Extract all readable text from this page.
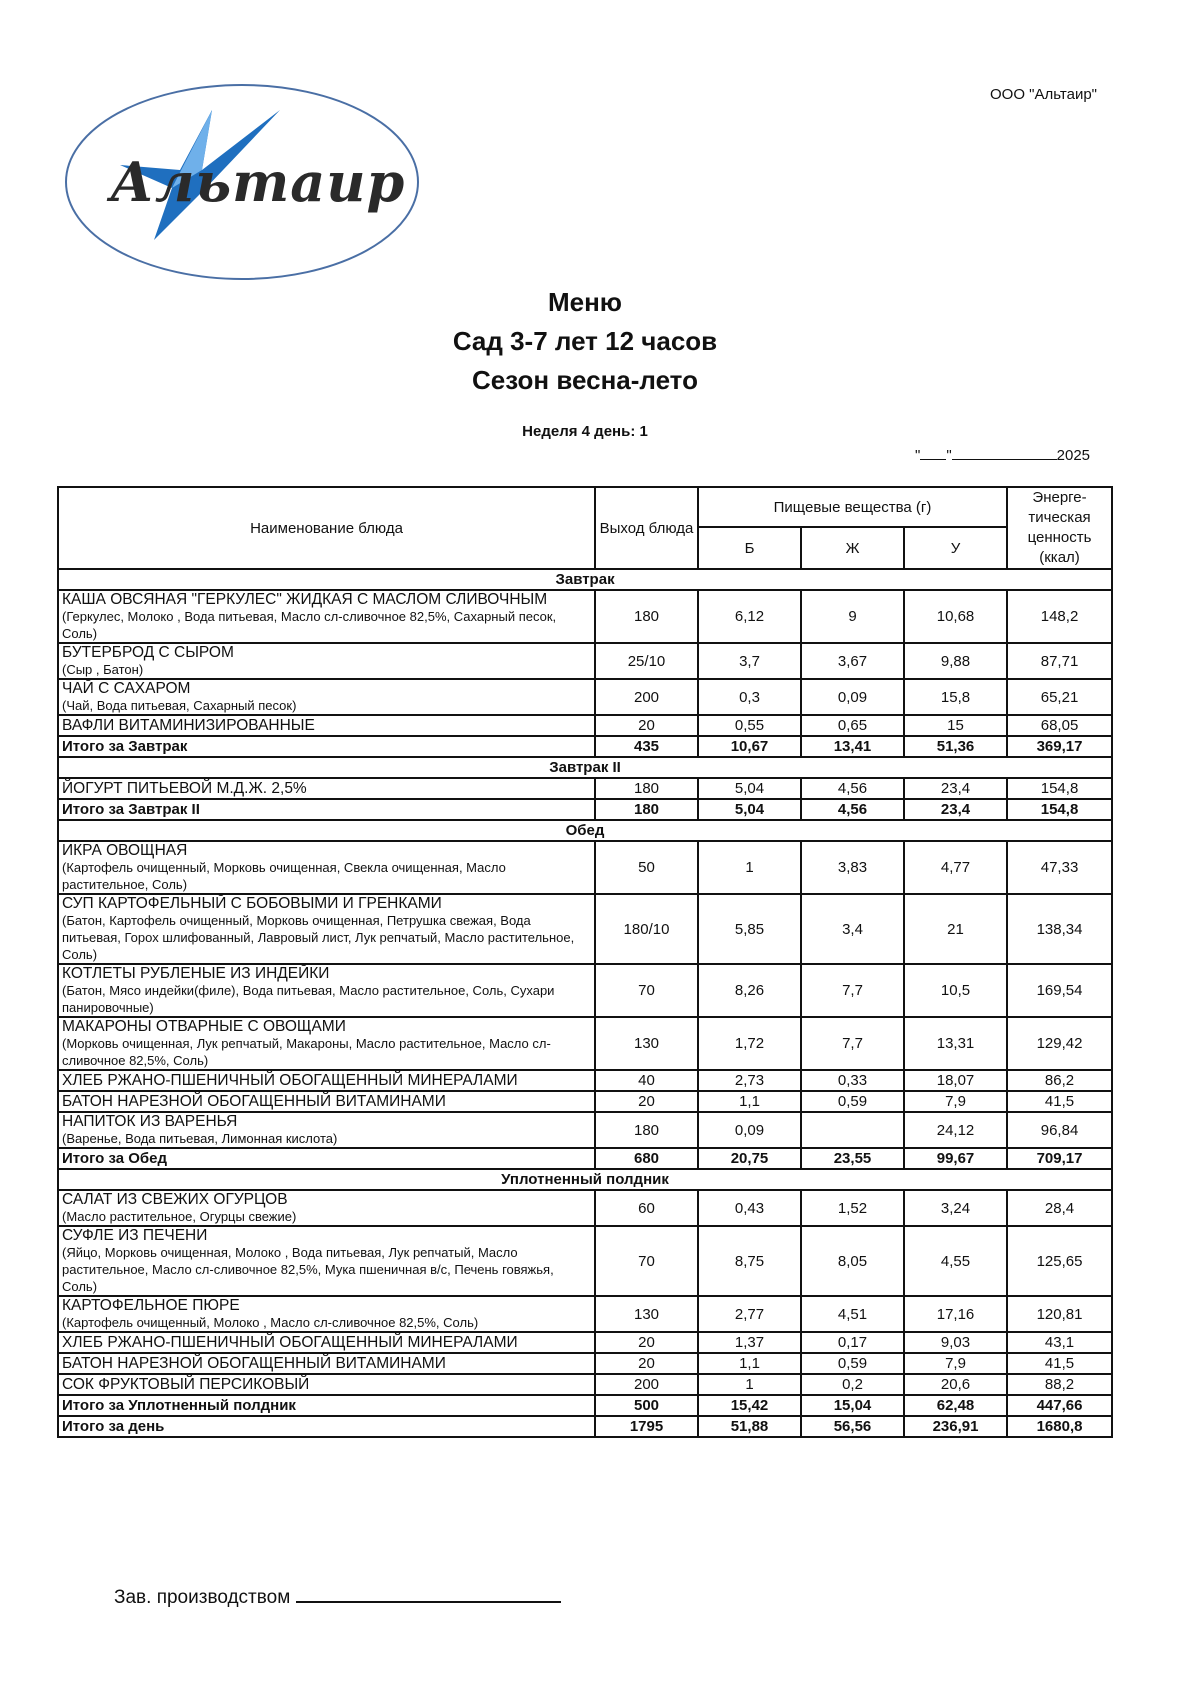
ООО "Альтаир"
Альтаир
Меню
Сад 3-7 лет 12 часов
Сезон весна-лето
Неделя 4 день: 1
" "	2025
Наименование блюда	Выход блюда	Пищевые вещества (г)			Энерге-тическая ценность (ккал)
		Б	Ж	У	
Завтрак					

КАША ОВСЯНАЯ "ГЕРКУЛЕС" ЖИДКАЯ С МАСЛОМ СЛИВОЧНЫМ
(Геркулес, Молоко , Вода питьевая, Масло сл-сливочное 82,5%, Сахарный песок, Соль)	180	6,12	9	10,68	148,2

БУТЕРБРОД С СЫРОМ
(Сыр , Батон)	25/10	3,7	3,67	9,88	87,71

ЧАЙ С САХАРОМ
(Чай, Вода питьевая, Сахарный песок)	200	0,3	0,09	15,8	65,21

ВАФЛИ ВИТАМИНИЗИРОВАННЫЕ	20	0,55	0,65	15	68,05
Итого за Завтрак	435	10,67	13,41	51,36	369,17
Завтрак II					

ЙОГУРТ ПИТЬЕВОЙ М.Д.Ж. 2,5%	180	5,04	4,56	23,4	154,8
Итого за Завтрак II	180	5,04	4,56	23,4	154,8
Обед					

ИКРА ОВОЩНАЯ
(Картофель очищенный, Морковь очищенная, Свекла очищенная, Масло растительное, Соль)	50	1	3,83	4,77	47,33

СУП КАРТОФЕЛЬНЫЙ С БОБОВЫМИ И ГРЕНКАМИ
(Батон, Картофель очищенный, Морковь очищенная, Петрушка свежая, Вода питьевая, Горох шлифованный, Лавровый лист, Лук репчатый, Масло растительное, Соль)	180/10	5,85	3,4	21	138,34

КОТЛЕТЫ РУБЛЕНЫЕ ИЗ ИНДЕЙКИ
(Батон, Мясо индейки(филе), Вода питьевая, Масло растительное, Соль, Сухари панировочные)	70	8,26	7,7	10,5	169,54

МАКАРОНЫ ОТВАРНЫЕ С ОВОЩАМИ
(Морковь очищенная, Лук репчатый, Макароны, Масло растительное, Масло сл-сливочное 82,5%, Соль)	130	1,72	7,7	13,31	129,42

ХЛЕБ РЖАНО-ПШЕНИЧНЫЙ ОБОГАЩЕННЫЙ МИНЕРАЛАМИ	40	2,73	0,33	18,07	86,2

БАТОН НАРЕЗНОЙ ОБОГАЩЕННЫЙ ВИТАМИНАМИ	20	1,1	0,59	7,9	41,5

НАПИТОК ИЗ ВАРЕНЬЯ
(Варенье, Вода питьевая, Лимонная кислота)	180	0,09		24,12	96,84
Итого за Обед	680	20,75	23,55	99,67	709,17
Уплотненный полдник					

САЛАТ ИЗ СВЕЖИХ ОГУРЦОВ
(Масло растительное, Огурцы свежие)	60	0,43	1,52	3,24	28,4

СУФЛЕ ИЗ ПЕЧЕНИ
(Яйцо, Морковь очищенная, Молоко , Вода питьевая, Лук репчатый, Масло растительное, Масло сл-сливочное 82,5%, Мука пшеничная в/с, Печень говяжья, Соль)	70	8,75	8,05	4,55	125,65

КАРТОФЕЛЬНОЕ ПЮРЕ
(Картофель очищенный, Молоко , Масло сл-сливочное 82,5%, Соль)	130	2,77	4,51	17,16	120,81

ХЛЕБ РЖАНО-ПШЕНИЧНЫЙ ОБОГАЩЕННЫЙ МИНЕРАЛАМИ	20	1,37	0,17	9,03	43,1

БАТОН НАРЕЗНОЙ ОБОГАЩЕННЫЙ ВИТАМИНАМИ	20	1,1	0,59	7,9	41,5

СОК ФРУКТОВЫЙ ПЕРСИКОВЫЙ	200	1	0,2	20,6	88,2
Итого за Уплотненный полдник	500	15,42	15,04	62,48	447,66
Итого за день	1795	51,88	56,56	236,91	1680,8
Зав. производством
